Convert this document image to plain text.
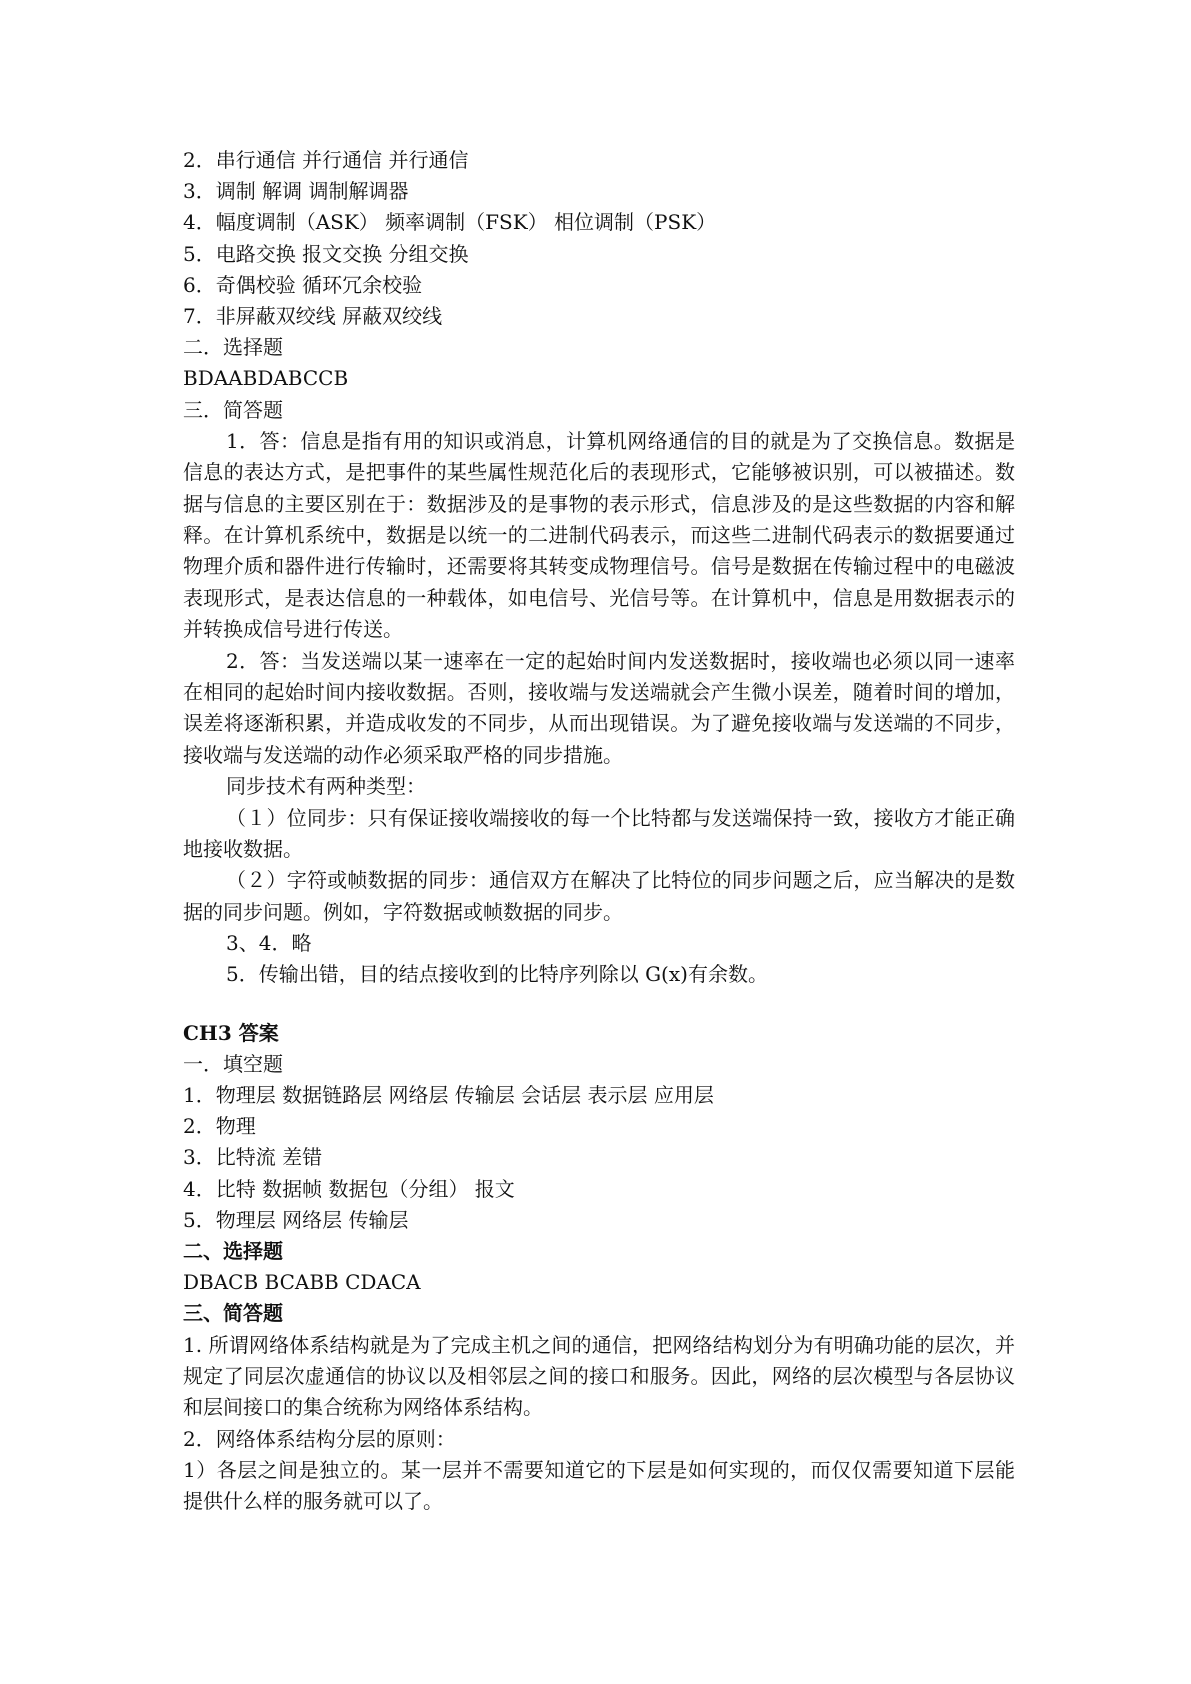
2．串行通信 并行通信 并行通信
3．调制 解调 调制解调器
4．幅度调制（ASK） 频率调制（FSK） 相位调制（PSK）
5．电路交换 报文交换 分组交换
6．奇偶校验 循环冗余校验
7．非屏蔽双绞线 屏蔽双绞线
二．选择题
BDAABDABCCB
三．简答题

1．答：信息是指有用的知识或消息，计算机网络通信的目的就是为了交换信息。数据是信息的表达方式，是把事件的某些属性规范化后的表现形式，它能够被识别，可以被描述。数据与信息的主要区别在于：数据涉及的是事物的表示形式，信息涉及的是这些数据的内容和解释。在计算机系统中，数据是以统一的二进制代码表示，而这些二进制代码表示的数据要通过物理介质和器件进行传输时，还需要将其转变成物理信号。信号是数据在传输过程中的电磁波表现形式，是表达信息的一种载体，如电信号、光信号等。在计算机中，信息是用数据表示的并转换成信号进行传送。

2．答：当发送端以某一速率在一定的起始时间内发送数据时，接收端也必须以同一速率在相同的起始时间内接收数据。否则，接收端与发送端就会产生微小误差，随着时间的增加，误差将逐渐积累，并造成收发的不同步，从而出现错误。为了避免接收端与发送端的不同步，接收端与发送端的动作必须采取严格的同步措施。

同步技术有两种类型：

（１）位同步：只有保证接收端接收的每一个比特都与发送端保持一致，接收方才能正确地接收数据。

（２）字符或帧数据的同步：通信双方在解决了比特位的同步问题之后，应当解决的是数据的同步问题。例如，字符数据或帧数据的同步。

3、4．略
5．传输出错，目的结点接收到的比特序列除以 G(x)有余数。
CH3 答案
一．填空题
1．物理层 数据链路层 网络层 传输层 会话层 表示层 应用层
2．物理
3．比特流 差错
4．比特 数据帧 数据包（分组） 报文
5．物理层 网络层 传输层
二、选择题
DBACB BCABB CDACA
三、简答题

1. 所谓网络体系结构就是为了完成主机之间的通信，把网络结构划分为有明确功能的层次，并规定了同层次虚通信的协议以及相邻层之间的接口和服务。因此，网络的层次模型与各层协议和层间接口的集合统称为网络体系结构。

2．网络体系结构分层的原则：

1）各层之间是独立的。某一层并不需要知道它的下层是如何实现的，而仅仅需要知道下层能提供什么样的服务就可以了。
